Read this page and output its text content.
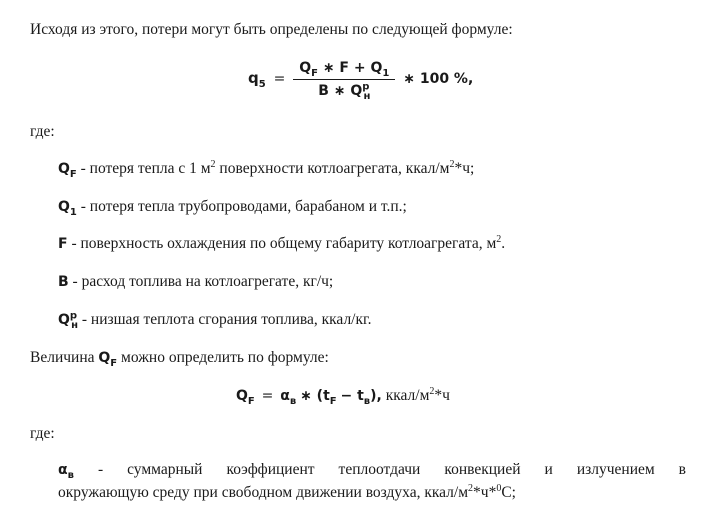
Исходя из этого, потери могут быть определены по следующей формуле:
$q_5 = \frac{Q_F ∗ F + Q_1}{B ∗ Q^р_н}$ ∗ 100 %,
где:
$Q_F$ - потеря тепла с 1 $м^2$ поверхности котлоагрегата, ккал/$м^2*ч$;
$Q_1$ - потеря тепла трубопроводами, барабаном и т.п.;
F - поверхность охлаждения по общему габариту котлоагрегата, $м^2$.
B - расход топлива на котлоагрегате, кг/ч;
$Q^р_н$ - низшая теплота сгорания топлива, ккал/кг.
Величина $Q_F$ можно определить по формуле:
$Q_F = \alpha_в$ ∗ $(t_F - t_в)$, ккал/$м^2*ч$
где:
$\alpha_в$ - суммарный коэффициент теплоотдачи конвекцией и излучением в
окружающую среду при свободном движении воздуха, ккал/$м^2*ч*^0С$;
